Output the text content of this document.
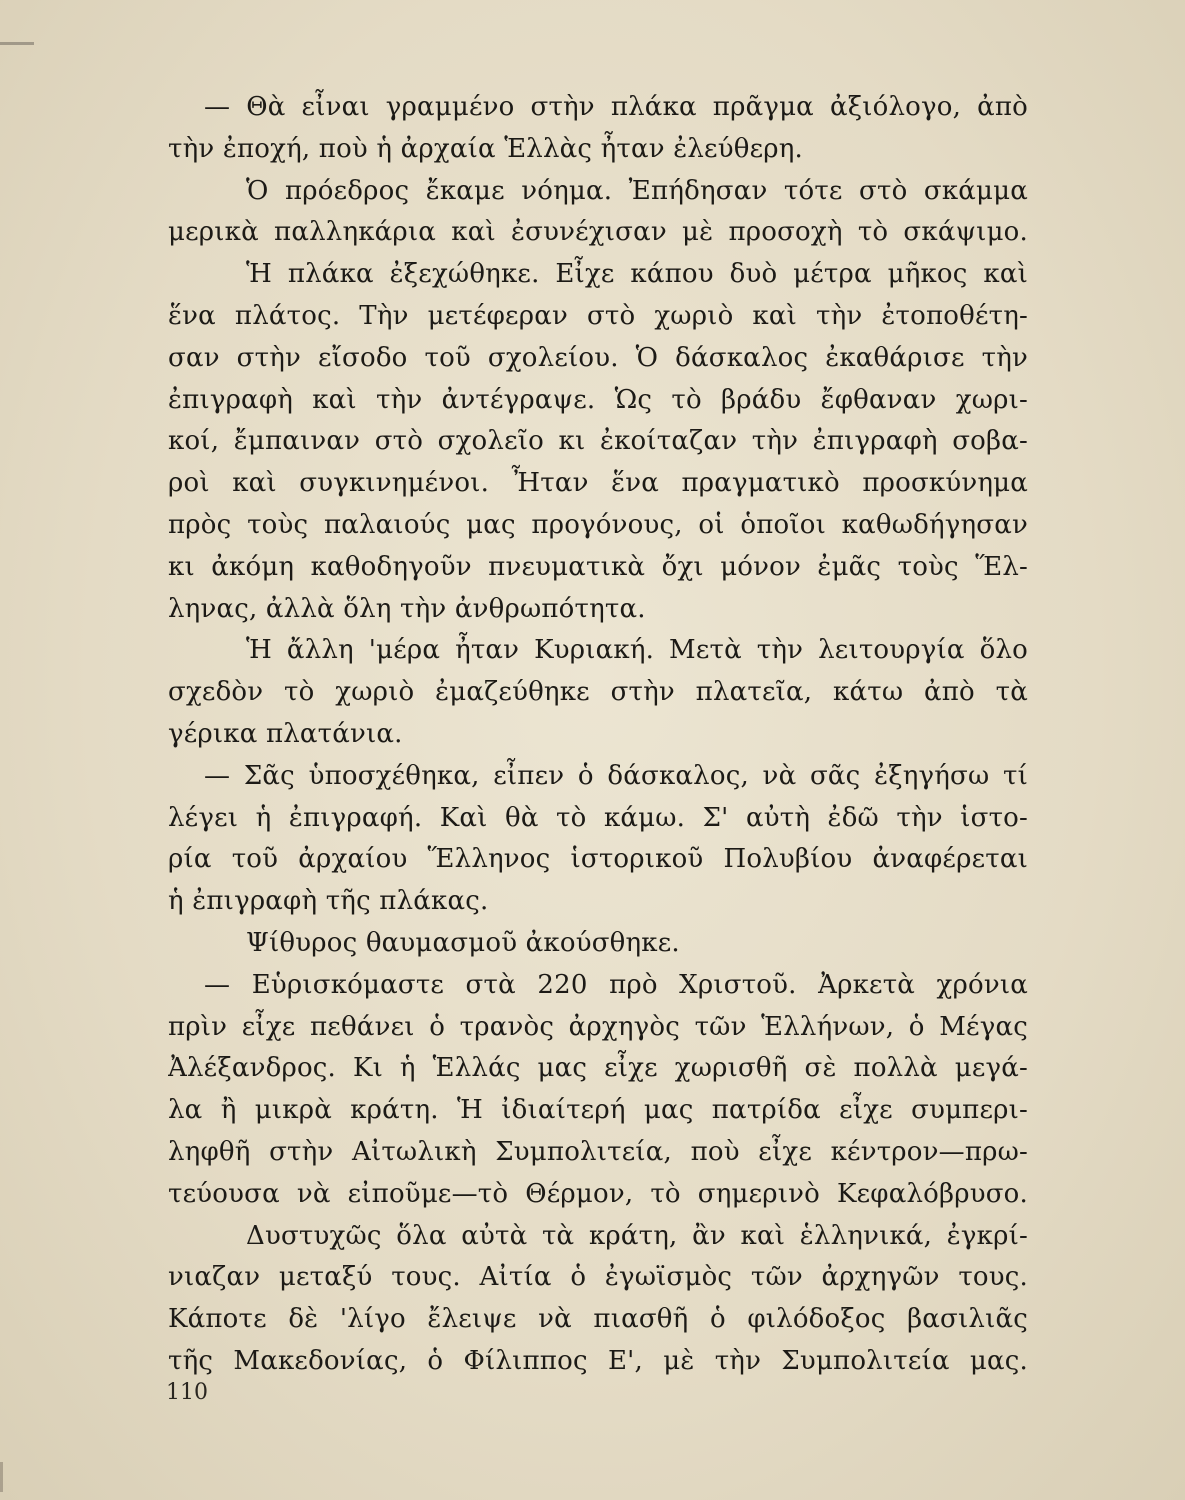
— Θὰ εἶναι γραμμένο στὴν πλάκα πρᾶγμα ἀξιόλογο, ἀπὸ
τὴν ἐποχή, ποὺ ἡ ἀρχαία Ἑλλὰς ἦταν ἐλεύθερη.
Ὁ πρόεδρος ἔκαμε νόημα. Ἐπήδησαν τότε στὸ σκάμμα
μερικὰ παλληκάρια καὶ ἐσυνέχισαν μὲ προσοχὴ τὸ σκάψιμο.
Ἡ πλάκα ἐξεχώθηκε. Εἶχε κάπου δυὸ μέτρα μῆκος καὶ
ἕνα πλάτος. Τὴν μετέφεραν στὸ χωριὸ καὶ τὴν ἐτοποθέτη-
σαν στὴν εἴσοδο τοῦ σχολείου. Ὁ δάσκαλος ἐκαθάρισε τὴν
ἐπιγραφὴ καὶ τὴν ἀντέγραψε. Ὡς τὸ βράδυ ἔφθαναν χωρι-
κοί, ἔμπαιναν στὸ σχολεῖο κι ἐκοίταζαν τὴν ἐπιγραφὴ σοβα-
ροὶ καὶ συγκινημένοι. Ἦταν ἕνα πραγματικὸ προσκύνημα
πρὸς τοὺς παλαιούς μας προγόνους, οἱ ὁποῖοι καθωδήγησαν
κι ἀκόμη καθοδηγοῦν πνευματικὰ ὄχι μόνον ἐμᾶς τοὺς Ἕλ-
ληνας, ἀλλὰ ὅλη τὴν ἀνθρωπότητα.
Ἡ ἄλλη 'μέρα ἦταν Κυριακή. Μετὰ τὴν λειτουργία ὅλο
σχεδὸν τὸ χωριὸ ἐμαζεύθηκε στὴν πλατεῖα, κάτω ἀπὸ τὰ
γέρικα πλατάνια.
— Σᾶς ὑποσχέθηκα, εἶπεν ὁ δάσκαλος, νὰ σᾶς ἐξηγήσω τί
λέγει ἡ ἐπιγραφή. Καὶ θὰ τὸ κάμω. Σ' αὐτὴ ἐδῶ τὴν ἱστο-
ρία τοῦ ἀρχαίου Ἕλληνος ἱστορικοῦ Πολυβίου ἀναφέρεται
ἡ ἐπιγραφὴ τῆς πλάκας.
Ψίθυρος θαυμασμοῦ ἀκούσθηκε.
— Εὑρισκόμαστε στὰ 220 πρὸ Χριστοῦ. Ἀρκετὰ χρόνια
πρὶν εἶχε πεθάνει ὁ τρανὸς ἀρχηγὸς τῶν Ἑλλήνων, ὁ Μέγας
Ἀλέξανδρος. Κι ἡ Ἑλλάς μας εἶχε χωρισθῆ σὲ πολλὰ μεγά-
λα ἢ μικρὰ κράτη. Ἡ ἰδιαίτερή μας πατρίδα εἶχε συμπερι-
ληφθῆ στὴν Αἰτωλικὴ Συμπολιτεία, ποὺ εἶχε κέντρον—πρω-
τεύουσα νὰ εἰποῦμε—τὸ Θέρμον, τὸ σημερινὸ Κεφαλόβρυσο.
Δυστυχῶς ὅλα αὐτὰ τὰ κράτη, ἂν καὶ ἑλληνικά, ἐγκρί-
νιαζαν μεταξύ τους. Αἰτία ὁ ἐγωϊσμὸς τῶν ἀρχηγῶν τους.
Κάποτε δὲ 'λίγο ἔλειψε νὰ πιασθῆ ὁ φιλόδοξος βασιλιᾶς
τῆς Μακεδονίας, ὁ Φίλιππος Ε', μὲ τὴν Συμπολιτεία μας.
110
